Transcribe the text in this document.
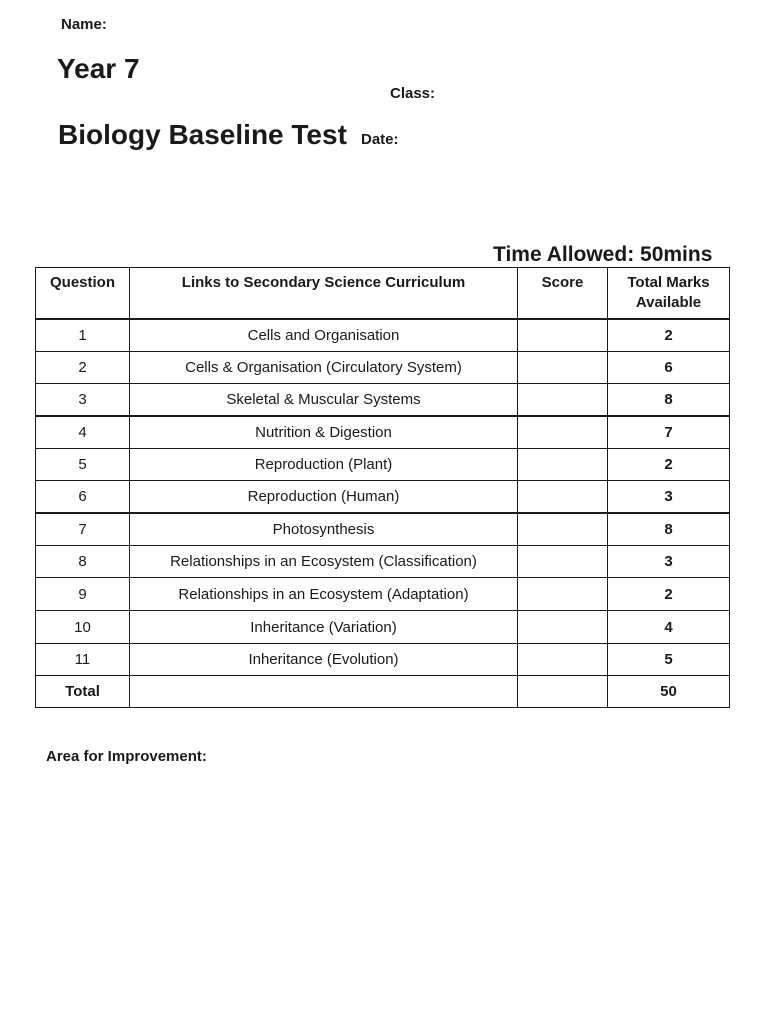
Name:
Year 7
Class:
Biology Baseline Test Date:
Time Allowed: 50mins
Question	Links to Secondary Science Curriculum	Score	Total Marks Available
1	Cells and Organisation		2
2	Cells & Organisation (Circulatory System)		6
3	Skeletal & Muscular Systems		8
4	Nutrition & Digestion		7
5	Reproduction (Plant)		2
6	Reproduction (Human)		3
7	Photosynthesis		8
8	Relationships in an Ecosystem (Classification)		3
9	Relationships in an Ecosystem (Adaptation)		2
10	Inheritance (Variation)		4
11	Inheritance (Evolution)		5
Total			50
Area for Improvement:
